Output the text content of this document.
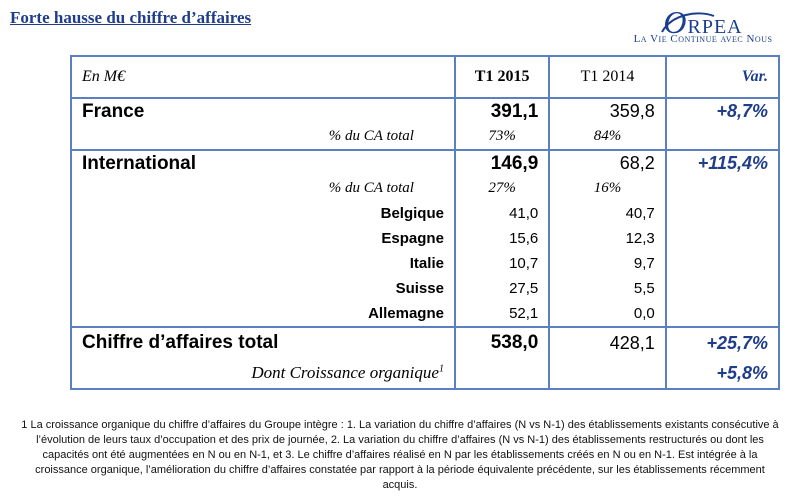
Forte hausse du chiffre d’affaires	ORPEA
La Vie Continue avec Nous
En M€	T1 2015	T1 2014	Var.
France	391,1	359,8	+8,7%
% du CA total	73%	84%	
International	146,9	68,2	+115,4%
% du CA total	27%	16%	
Belgique	41,0	40,7	
Espagne	15,6	12,3	
Italie	10,7	9,7	
Suisse	27,5	5,5	
Allemagne	52,1	0,0	
Chiffre d’affaires total	538,0	428,1	+25,7%
Dont Croissance organique$^1$			+5,8%
1 La croissance organique du chiffre d’affaires du Groupe intègre : 1. La variation du chiffre d’affaires (N vs N-1) des établissements existants consécutive à l’évolution de leurs taux d’occupation et des prix de journée, 2. La variation du chiffre d’affaires (N vs N-1) des établissements restructurés ou dont les capacités ont été augmentées en N ou en N-1, et 3. Le chiffre d’affaires réalisé en N par les établissements créés en N ou en N-1. Est intégrée à la croissance organique, l’amélioration du chiffre d’affaires constatée par rapport à la période équivalente précédente, sur les établissements récemment acquis.
